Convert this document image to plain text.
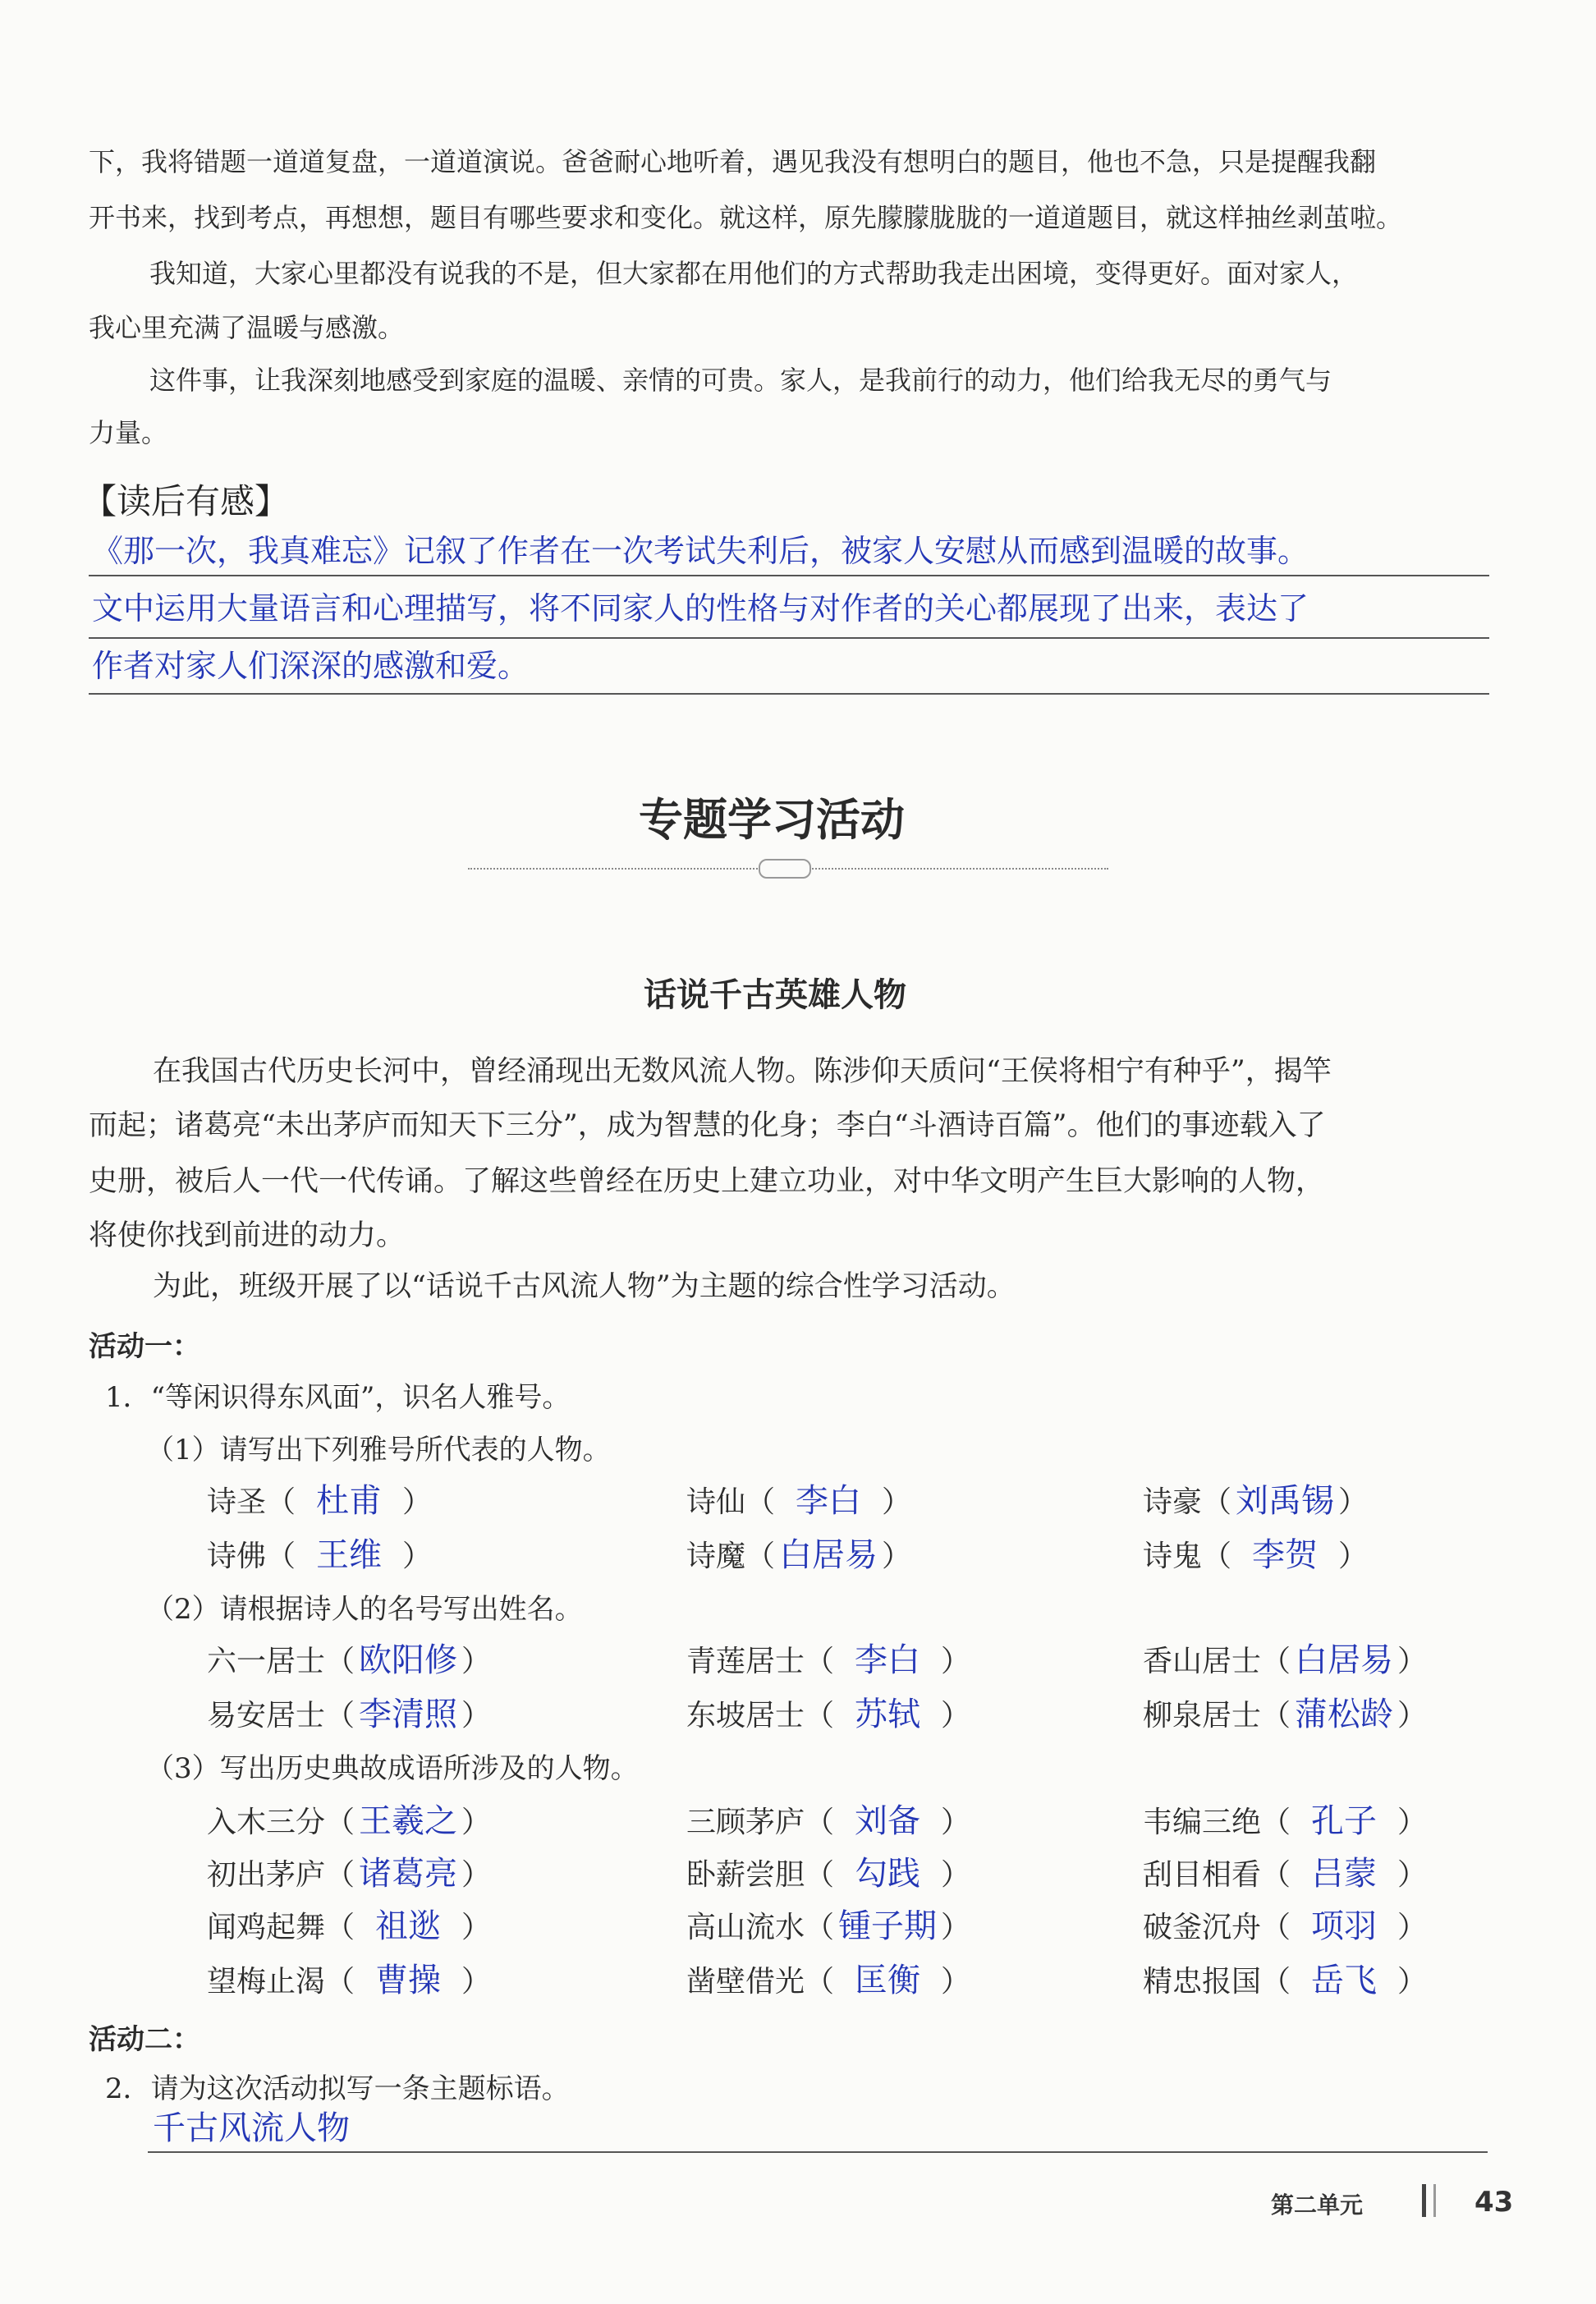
下，我将错题一道道复盘，一道道演说。爸爸耐心地听着，遇见我没有想明白的题目，他也不急，只是提醒我翻
开书来，找到考点，再想想，题目有哪些要求和变化。就这样，原先朦朦胧胧的一道道题目，就这样抽丝剥茧啦。
我知道，大家心里都没有说我的不是，但大家都在用他们的方式帮助我走出困境，变得更好。面对家人，
我心里充满了温暖与感激。
这件事，让我深刻地感受到家庭的温暖、亲情的可贵。家人，是我前行的动力，他们给我无尽的勇气与
力量。
【读后有感】
《那一次，我真难忘》记叙了作者在一次考试失利后，被家人安慰从而感到温暖的故事。
文中运用大量语言和心理描写，将不同家人的性格与对作者的关心都展现了出来，表达了
作者对家人们深深的感激和爱。
专题学习活动
话说千古英雄人物
在我国古代历史长河中，曾经涌现出无数风流人物。陈涉仰天质问“王侯将相宁有种乎”，揭竿
而起；诸葛亮“未出茅庐而知天下三分”，成为智慧的化身；李白“斗酒诗百篇”。他们的事迹载入了
史册，被后人一代一代传诵。了解这些曾经在历史上建立功业，对中华文明产生巨大影响的人物，
将使你找到前进的动力。
为此，班级开展了以“话说千古风流人物”为主题的综合性学习活动。
活动一：
1．“等闲识得东风面”，识名人雅号。
（1）请写出下列雅号所代表的人物。
诗圣（ 杜甫 ）	诗仙（ 李白 ）	诗豪（ 刘禹锡 ）
诗佛（ 王维 ）	诗魔（ 白居易 ）	诗鬼（ 李贺 ）
（2）请根据诗人的名号写出姓名。
六一居士（ 欧阳修 ）	青莲居士（ 李白 ）	香山居士（ 白居易 ）
易安居士（ 李清照 ）	东坡居士（ 苏轼 ）	柳泉居士（ 蒲松龄 ）
（3）写出历史典故成语所涉及的人物。
入木三分（ 王羲之 ）	三顾茅庐（ 刘备 ）	韦编三绝（ 孔子 ）
初出茅庐（ 诸葛亮 ）	卧薪尝胆（ 勾践 ）	刮目相看（ 吕蒙 ）
闻鸡起舞（ 祖逖 ）	高山流水（ 锺子期 ）	破釜沉舟（ 项羽 ）
望梅止渴（ 曹操 ）	凿壁借光（ 匡衡 ）	精忠报国（ 岳飞 ）
活动二：
2．请为这次活动拟写一条主题标语。
千古风流人物
第二单元	43
